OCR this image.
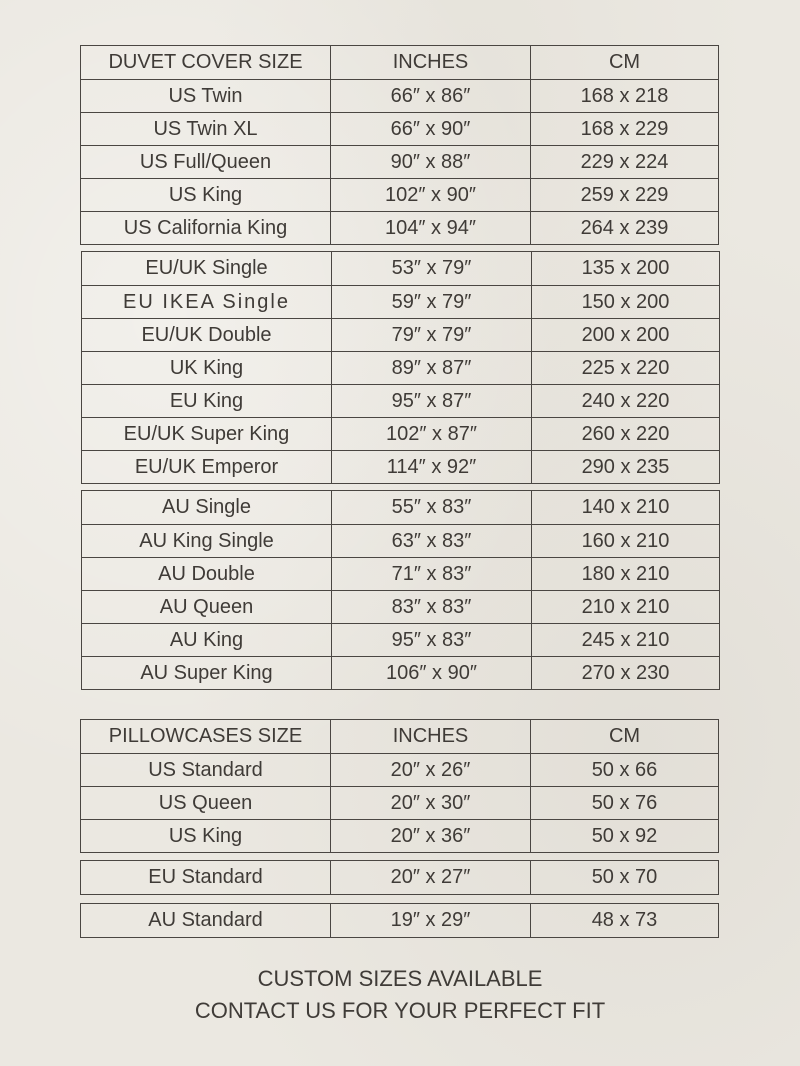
DUVET COVER SIZE	INCHES	CM
US Twin	66″ x 86″	168 x 218
US Twin XL	66″ x 90″	168 x 229
US Full/Queen	90″ x 88″	229 x 224
US King	102″ x 90″	259 x 229
US California King	104″ x 94″	264 x 239
EU/UK Single	53″ x 79″	135 x 200
EU IKEA Single	59″ x 79″	150 x 200
EU/UK Double	79″ x 79″	200 x 200
UK King	89″ x 87″	225 x 220
EU King	95″ x 87″	240 x 220
EU/UK Super King	102″ x 87″	260 x 220
EU/UK Emperor	114″ x 92″	290 x 235
AU Single	55″ x 83″	140 x 210
AU King Single	63″ x 83″	160 x 210
AU Double	71″ x 83″	180 x 210
AU Queen	83″ x 83″	210 x 210
AU King	95″ x 83″	245 x 210
AU Super King	106″ x 90″	270 x 230
PILLOWCASES SIZE	INCHES	CM
US Standard	20″ x 26″	50 x 66
US Queen	20″ x 30″	50 x 76
US King	20″ x 36″	50 x 92
EU Standard	20″ x 27″	50 x 70
AU Standard	19″ x 29″	48 x 73
CUSTOM SIZES AVAILABLE
CONTACT US FOR YOUR PERFECT FIT
